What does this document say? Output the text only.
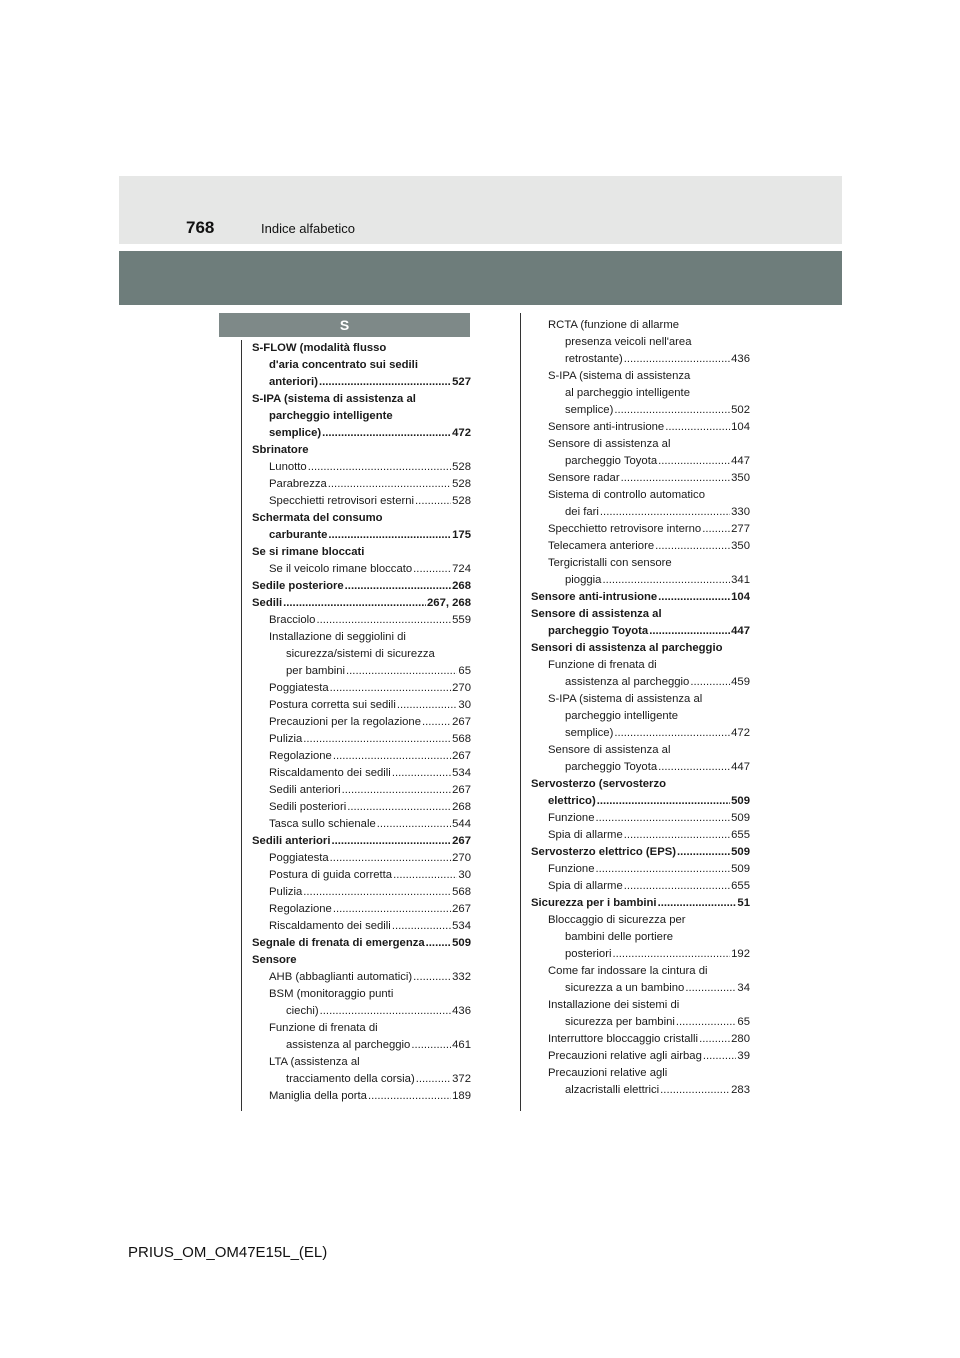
768	Indice alfabetico
S
S-FLOW (modalità flusso
d'aria concentrato sui sedili
anteriori) .....	527
S-IPA (sistema di assistenza al
parcheggio intelligente
semplice) .....	472
Sbrinatore
Lunotto .....	528
Parabrezza .....	528
Specchietti retrovisori esterni .....	528
Schermata del consumo
carburante .....	175
Se si rimane bloccati
Se il veicolo rimane bloccato .....	724
Sedile posteriore .....	268
Sedili .....	267, 268
Bracciolo .....	559
Installazione di seggiolini di
sicurezza/sistemi di sicurezza
per bambini .....	65
Poggiatesta .....	270
Postura corretta sui sedili .....	30
Precauzioni per la regolazione .....	267
Pulizia .....	568
Regolazione .....	267
Riscaldamento dei sedili .....	534
Sedili anteriori .....	267
Sedili posteriori .....	268
Tasca sullo schienale .....	544
Sedili anteriori .....	267
Poggiatesta .....	270
Postura di guida corretta .....	30
Pulizia .....	568
Regolazione .....	267
Riscaldamento dei sedili .....	534
Segnale di frenata di emergenza ..... 509
Sensore
AHB (abbaglianti automatici) .....	332
BSM (monitoraggio punti
ciechi) .....	436
Funzione di frenata di
assistenza al parcheggio .....	461
LTA (assistenza al
tracciamento della corsia) .....	372
Maniglia della porta .....	189
RCTA (funzione di allarme
presenza veicoli nell'area
retrostante) .....	436
S-IPA (sistema di assistenza
al parcheggio intelligente
semplice) .....	502
Sensore anti-intrusione .....	104
Sensore di assistenza al
parcheggio Toyota .....	447
Sensore radar .....	350
Sistema di controllo automatico
dei fari .....	330
Specchietto retrovisore interno .....	277
Telecamera anteriore .....	350
Tergicristalli con sensore
pioggia .....	341
Sensore anti-intrusione .....	104
Sensore di assistenza al
parcheggio Toyota .....	447
Sensori di assistenza al parcheggio
Funzione di frenata di
assistenza al parcheggio .....	459
S-IPA (sistema di assistenza al
parcheggio intelligente
semplice) .....	472
Sensore di assistenza al
parcheggio Toyota .....	447
Servosterzo (servosterzo
elettrico) .....	509
Funzione .....	509
Spia di allarme .....	655
Servosterzo elettrico (EPS) .....	509
Funzione .....	509
Spia di allarme .....	655
Sicurezza per i bambini .....	51
Bloccaggio di sicurezza per
bambini delle portiere
posteriori .....	192
Come far indossare la cintura di
sicurezza a un bambino .....	34
Installazione dei sistemi di
sicurezza per bambini .....	65
Interruttore bloccaggio cristalli .....	280
Precauzioni relative agli airbag .....	39
Precauzioni relative agli
alzacristalli elettrici .....	283
PRIUS_OM_OM47E15L_(EL)
